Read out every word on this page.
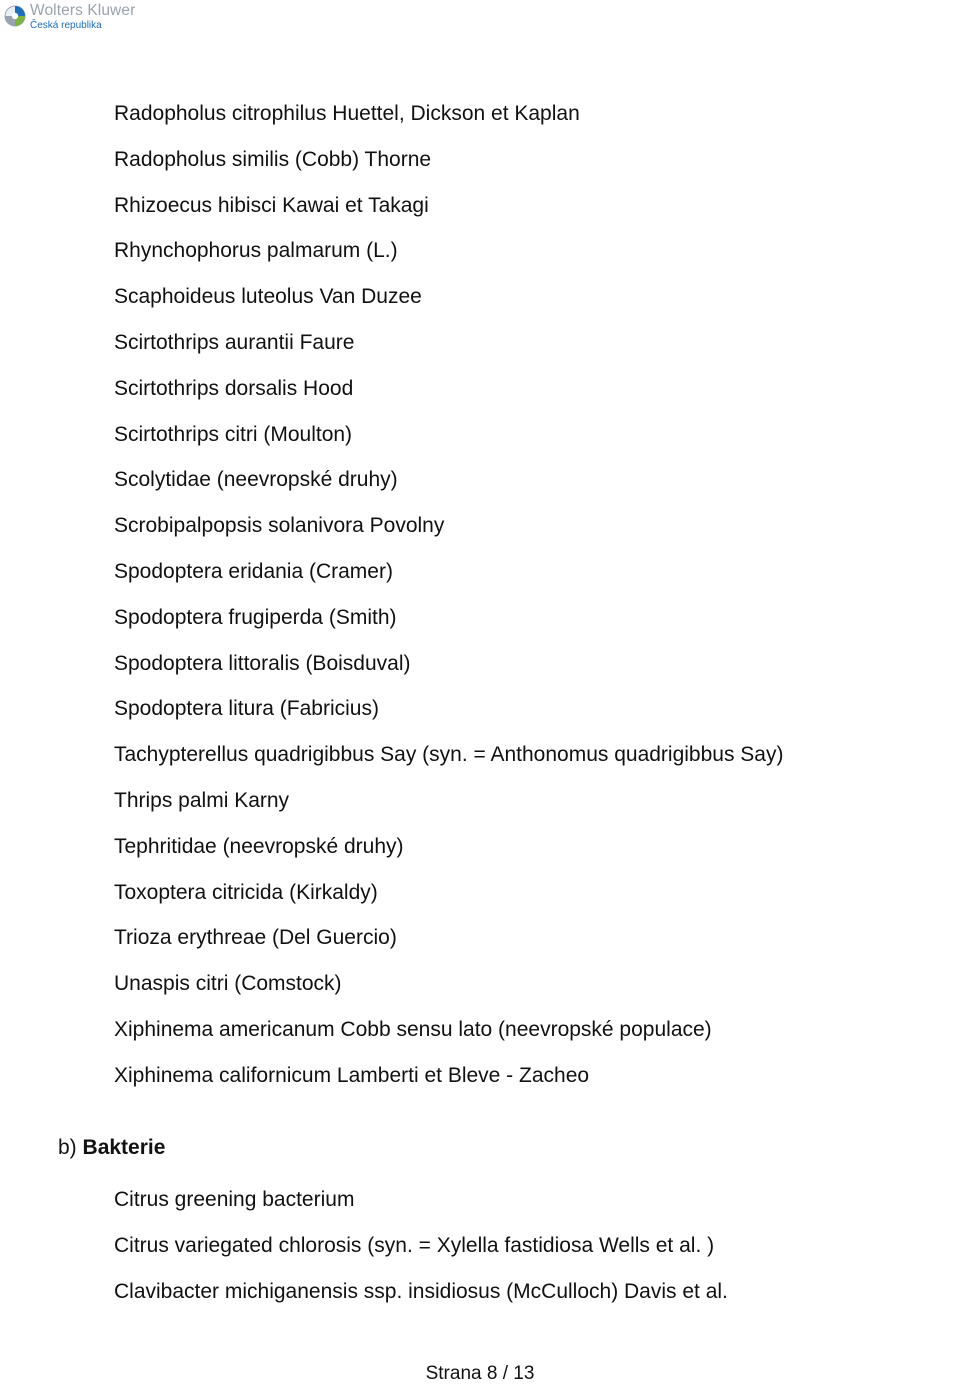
Wolters Kluwer
Česká republika
Radopholus citrophilus Huettel, Dickson et Kaplan
Radopholus similis (Cobb) Thorne
Rhizoecus hibisci Kawai et Takagi
Rhynchophorus palmarum (L.)
Scaphoideus luteolus Van Duzee
Scirtothrips aurantii Faure
Scirtothrips dorsalis Hood
Scirtothrips citri (Moulton)
Scolytidae (neevropské druhy)
Scrobipalpopsis solanivora Povolny
Spodoptera eridania (Cramer)
Spodoptera frugiperda (Smith)
Spodoptera littoralis (Boisduval)
Spodoptera litura (Fabricius)
Tachypterellus quadrigibbus Say (syn. = Anthonomus quadrigibbus Say)
Thrips palmi Karny
Tephritidae (neevropské druhy)
Toxoptera citricida (Kirkaldy)
Trioza erythreae (Del Guercio)
Unaspis citri (Comstock)
Xiphinema americanum Cobb sensu lato (neevropské populace)
Xiphinema californicum Lamberti et Bleve - Zacheo
b) Bakterie
Citrus greening bacterium
Citrus variegated chlorosis (syn. = Xylella fastidiosa Wells et al. )
Clavibacter michiganensis ssp. insidiosus (McCulloch) Davis et al.
Strana 8 / 13
